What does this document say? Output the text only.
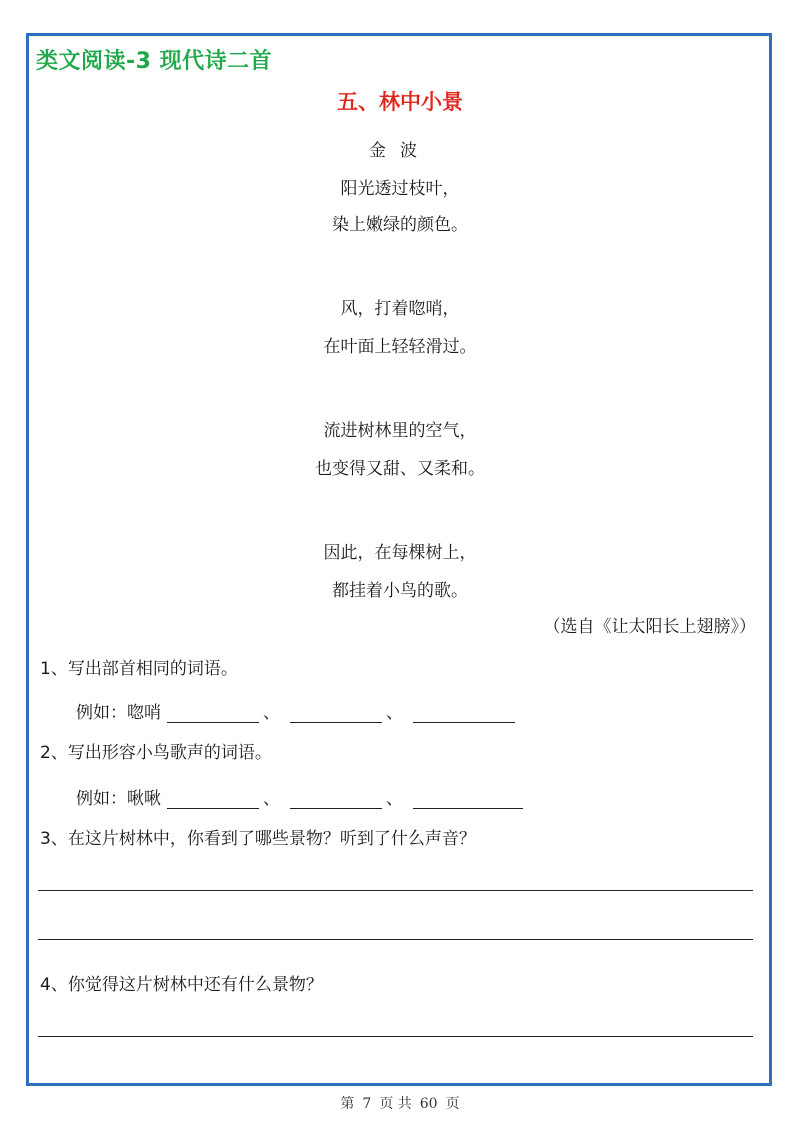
类文阅读-3 现代诗二首
五、林中小景
金波
阳光透过枝叶，
染上嫩绿的颜色。
风，打着唿哨，
在叶面上轻轻滑过。
流进树林里的空气，
也变得又甜、又柔和。
因此，在每棵树上，
都挂着小鸟的歌。
（选自《让太阳长上翅膀》）
1、写出部首相同的词语。
例如：唿哨	、	、
2、写出形容小鸟歌声的词语。
例如：啾啾	、	、
3、在这片树林中，你看到了哪些景物？听到了什么声音？
4、你觉得这片树林中还有什么景物？
第 7 页 共 60 页
